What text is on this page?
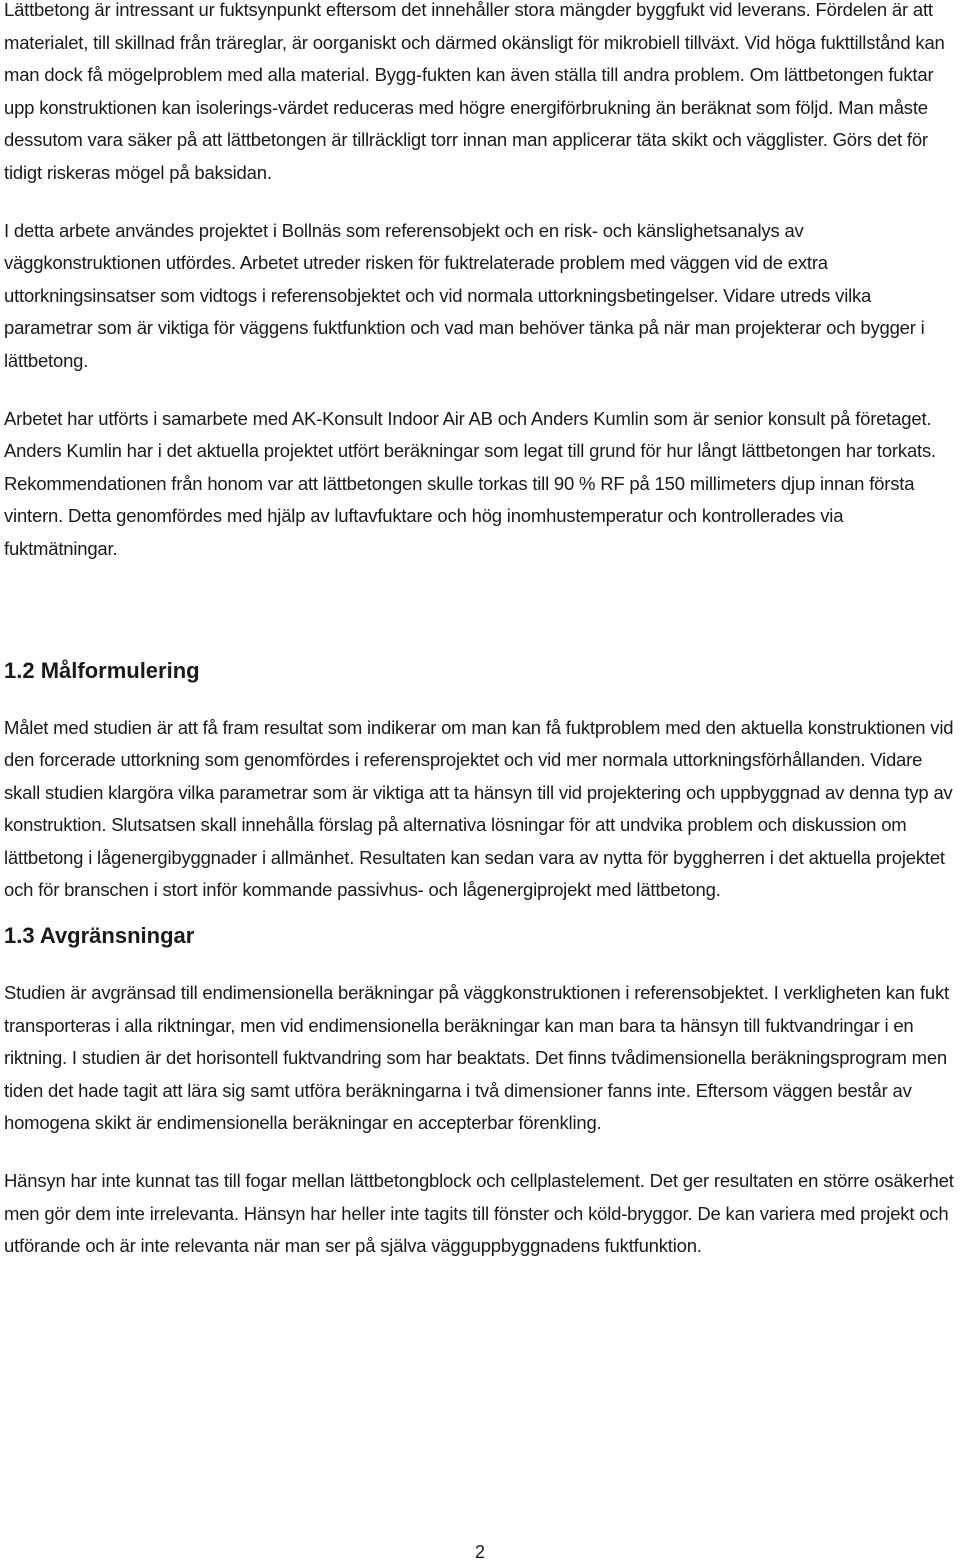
Lättbetong är intressant ur fuktsynpunkt eftersom det innehåller stora mängder byggfukt vid leverans. Fördelen är att materialet, till skillnad från träreglar, är oorganiskt och därmed okänsligt för mikrobiell tillväxt. Vid höga fukttillstånd kan man dock få mögelproblem med alla material. Bygg-fukten kan även ställa till andra problem. Om lättbetongen fuktar upp konstruktionen kan isolerings-värdet reduceras med högre energiförbrukning än beräknat som följd. Man måste dessutom vara säker på att lättbetongen är tillräckligt torr innan man applicerar täta skikt och vägglister. Görs det för tidigt riskeras mögel på baksidan.

I detta arbete användes projektet i Bollnäs som referensobjekt och en risk- och känslighetsanalys av väggkonstruktionen utfördes. Arbetet utreder risken för fuktrelaterade problem med väggen vid de extra uttorkningsinsatser som vidtogs i referensobjektet och vid normala uttorkningsbetingelser. Vidare utreds vilka parametrar som är viktiga för väggens fuktfunktion och vad man behöver tänka på när man projekterar och bygger i lättbetong.

Arbetet har utförts i samarbete med AK-Konsult Indoor Air AB och Anders Kumlin som är senior konsult på företaget. Anders Kumlin har i det aktuella projektet utfört beräkningar som legat till grund för hur långt lättbetongen har torkats. Rekommendationen från honom var att lättbetongen skulle torkas till 90 % RF på 150 millimeters djup innan första vintern. Detta genomfördes med hjälp av luftavfuktare och hög inomhustemperatur och kontrollerades via fuktmätningar.

1.2 Målformulering

Målet med studien är att få fram resultat som indikerar om man kan få fuktproblem med den aktuella konstruktionen vid den forcerade uttorkning som genomfördes i referensprojektet och vid mer normala uttorkningsförhållanden. Vidare skall studien klargöra vilka parametrar som är viktiga att ta hänsyn till vid projektering och uppbyggnad av denna typ av konstruktion. Slutsatsen skall innehålla förslag på alternativa lösningar för att undvika problem och diskussion om lättbetong i lågenergibyggnader i allmänhet. Resultaten kan sedan vara av nytta för byggherren i det aktuella projektet och för branschen i stort inför kommande passivhus- och lågenergiprojekt med lättbetong.

1.3 Avgränsningar

Studien är avgränsad till endimensionella beräkningar på väggkonstruktionen i referensobjektet. I verkligheten kan fukt transporteras i alla riktningar, men vid endimensionella beräkningar kan man bara ta hänsyn till fuktvandringar i en riktning. I studien är det horisontell fuktvandring som har beaktats. Det finns tvådimensionella beräkningsprogram men tiden det hade tagit att lära sig samt utföra beräkningarna i två dimensioner fanns inte. Eftersom väggen består av homogena skikt är endimensionella beräkningar en accepterbar förenkling.

Hänsyn har inte kunnat tas till fogar mellan lättbetongblock och cellplastelement. Det ger resultaten en större osäkerhet men gör dem inte irrelevanta. Hänsyn har heller inte tagits till fönster och köld-bryggor. De kan variera med projekt och utförande och är inte relevanta när man ser på själva vägguppbyggnadens fuktfunktion.

2
